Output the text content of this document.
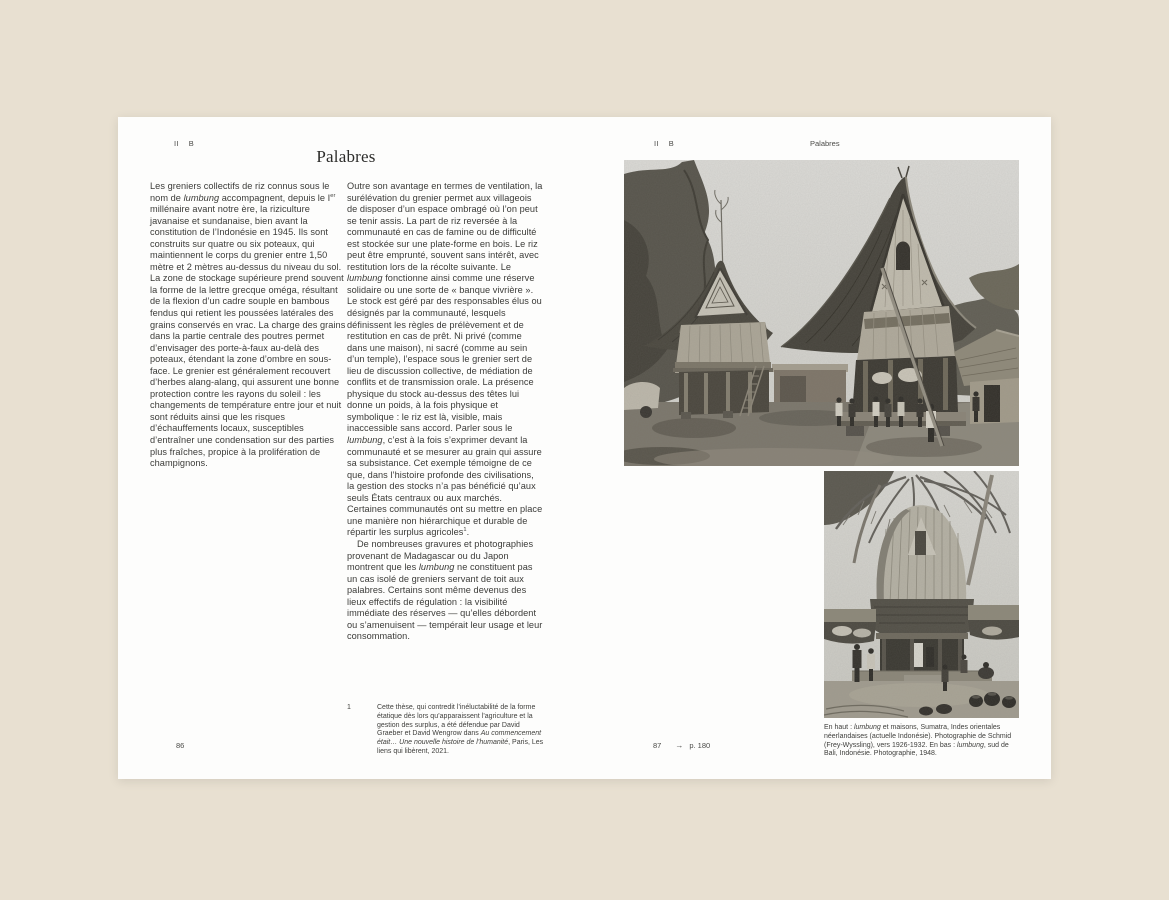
II B
Palabres

Les greniers collectifs de riz connus sous le nom de lumbung accompagnent, depuis le Ier millénaire avant notre ère, la riziculture javanaise et sundanaise, bien avant la constitution de l’Indonésie en 1945. Ils sont construits sur quatre ou six poteaux, qui maintiennent le corps du grenier entre 1,50 mètre et 2 mètres au-dessus du niveau du sol. La zone de stockage supérieure prend souvent la forme de la lettre grecque oméga, résultant de la flexion d’un cadre souple en bambous fendus qui retient les poussées latérales des grains conservés en vrac. La charge des grains dans la partie centrale des poutres permet d’envisager des porte-à-faux au-delà des poteaux, étendant la zone d’ombre en sous-face. Le grenier est généralement recouvert d’herbes alang-alang, qui assurent une bonne protection contre les rayons du soleil : les changements de température entre jour et nuit sont réduits ainsi que les risques d’échauffements locaux, susceptibles d’entraîner une condensation sur des parties plus fraîches, propice à la prolifération de champignons.

Outre son avantage en termes de ventilation, la surélévation du grenier permet aux villageois de disposer d’un espace ombragé où l’on peut se tenir assis. La part de riz reversée à la communauté en cas de famine ou de difficulté est stockée sur une plate-forme en bois. Le riz peut être emprunté, souvent sans intérêt, avec restitution lors de la récolte suivante. Le lumbung fonctionne ainsi comme une réserve solidaire ou une sorte de « banque vivrière ». Le stock est géré par des responsables élus ou désignés par la communauté, lesquels définissent les règles de prélèvement et de restitution en cas de prêt. Ni privé (comme dans une maison), ni sacré (comme au sein d’un temple), l’espace sous le grenier sert de lieu de discussion collective, de médiation de conflits et de transmission orale. La présence physique du stock au-dessus des têtes lui donne un poids, à la fois physique et symbolique : le riz est là, visible, mais inaccessible sans accord. Parler sous le lumbung, c’est à la fois s’exprimer devant la communauté et se mesurer au grain qui assure sa subsistance. Cet exemple témoigne de ce que, dans l’histoire profonde des civilisations, la gestion des stocks n’a pas bénéficié qu’aux seuls États centraux ou aux marchés. Certaines communautés ont su mettre en place une manière non hiérarchique et durable de répartir les surplus agricoles$^1$.

De nombreuses gravures et photographies provenant de Madagascar ou du Japon montrent que les lumbung ne constituent pas un cas isolé de greniers servant de toit aux palabres. Certains sont même devenus des lieux effectifs de régulation : la visibilité immédiate des réserves — qu’elles débordent ou s’amenuisent — tempérait leur usage et leur consommation.

1	Cette thèse, qui contredit l’inéluctabilité de la forme étatique dès lors qu’apparaissent l’agriculture et la gestion des surplus, a été défendue par David Graeber et David Wengrow dans Au commencement était… Une nouvelle histoire de l’humanité, Paris, Les liens qui libèrent, 2021.
86
II B	Palabres
En haut : lumbung et maisons, Sumatra, Indes orientales néerlandaises (actuelle Indonésie). Photographie de Schmid (Frey-Wyssling), vers 1926-1932. En bas : lumbung, sud de Bali, Indonésie. Photographie, 1948.
87 → p. 180
